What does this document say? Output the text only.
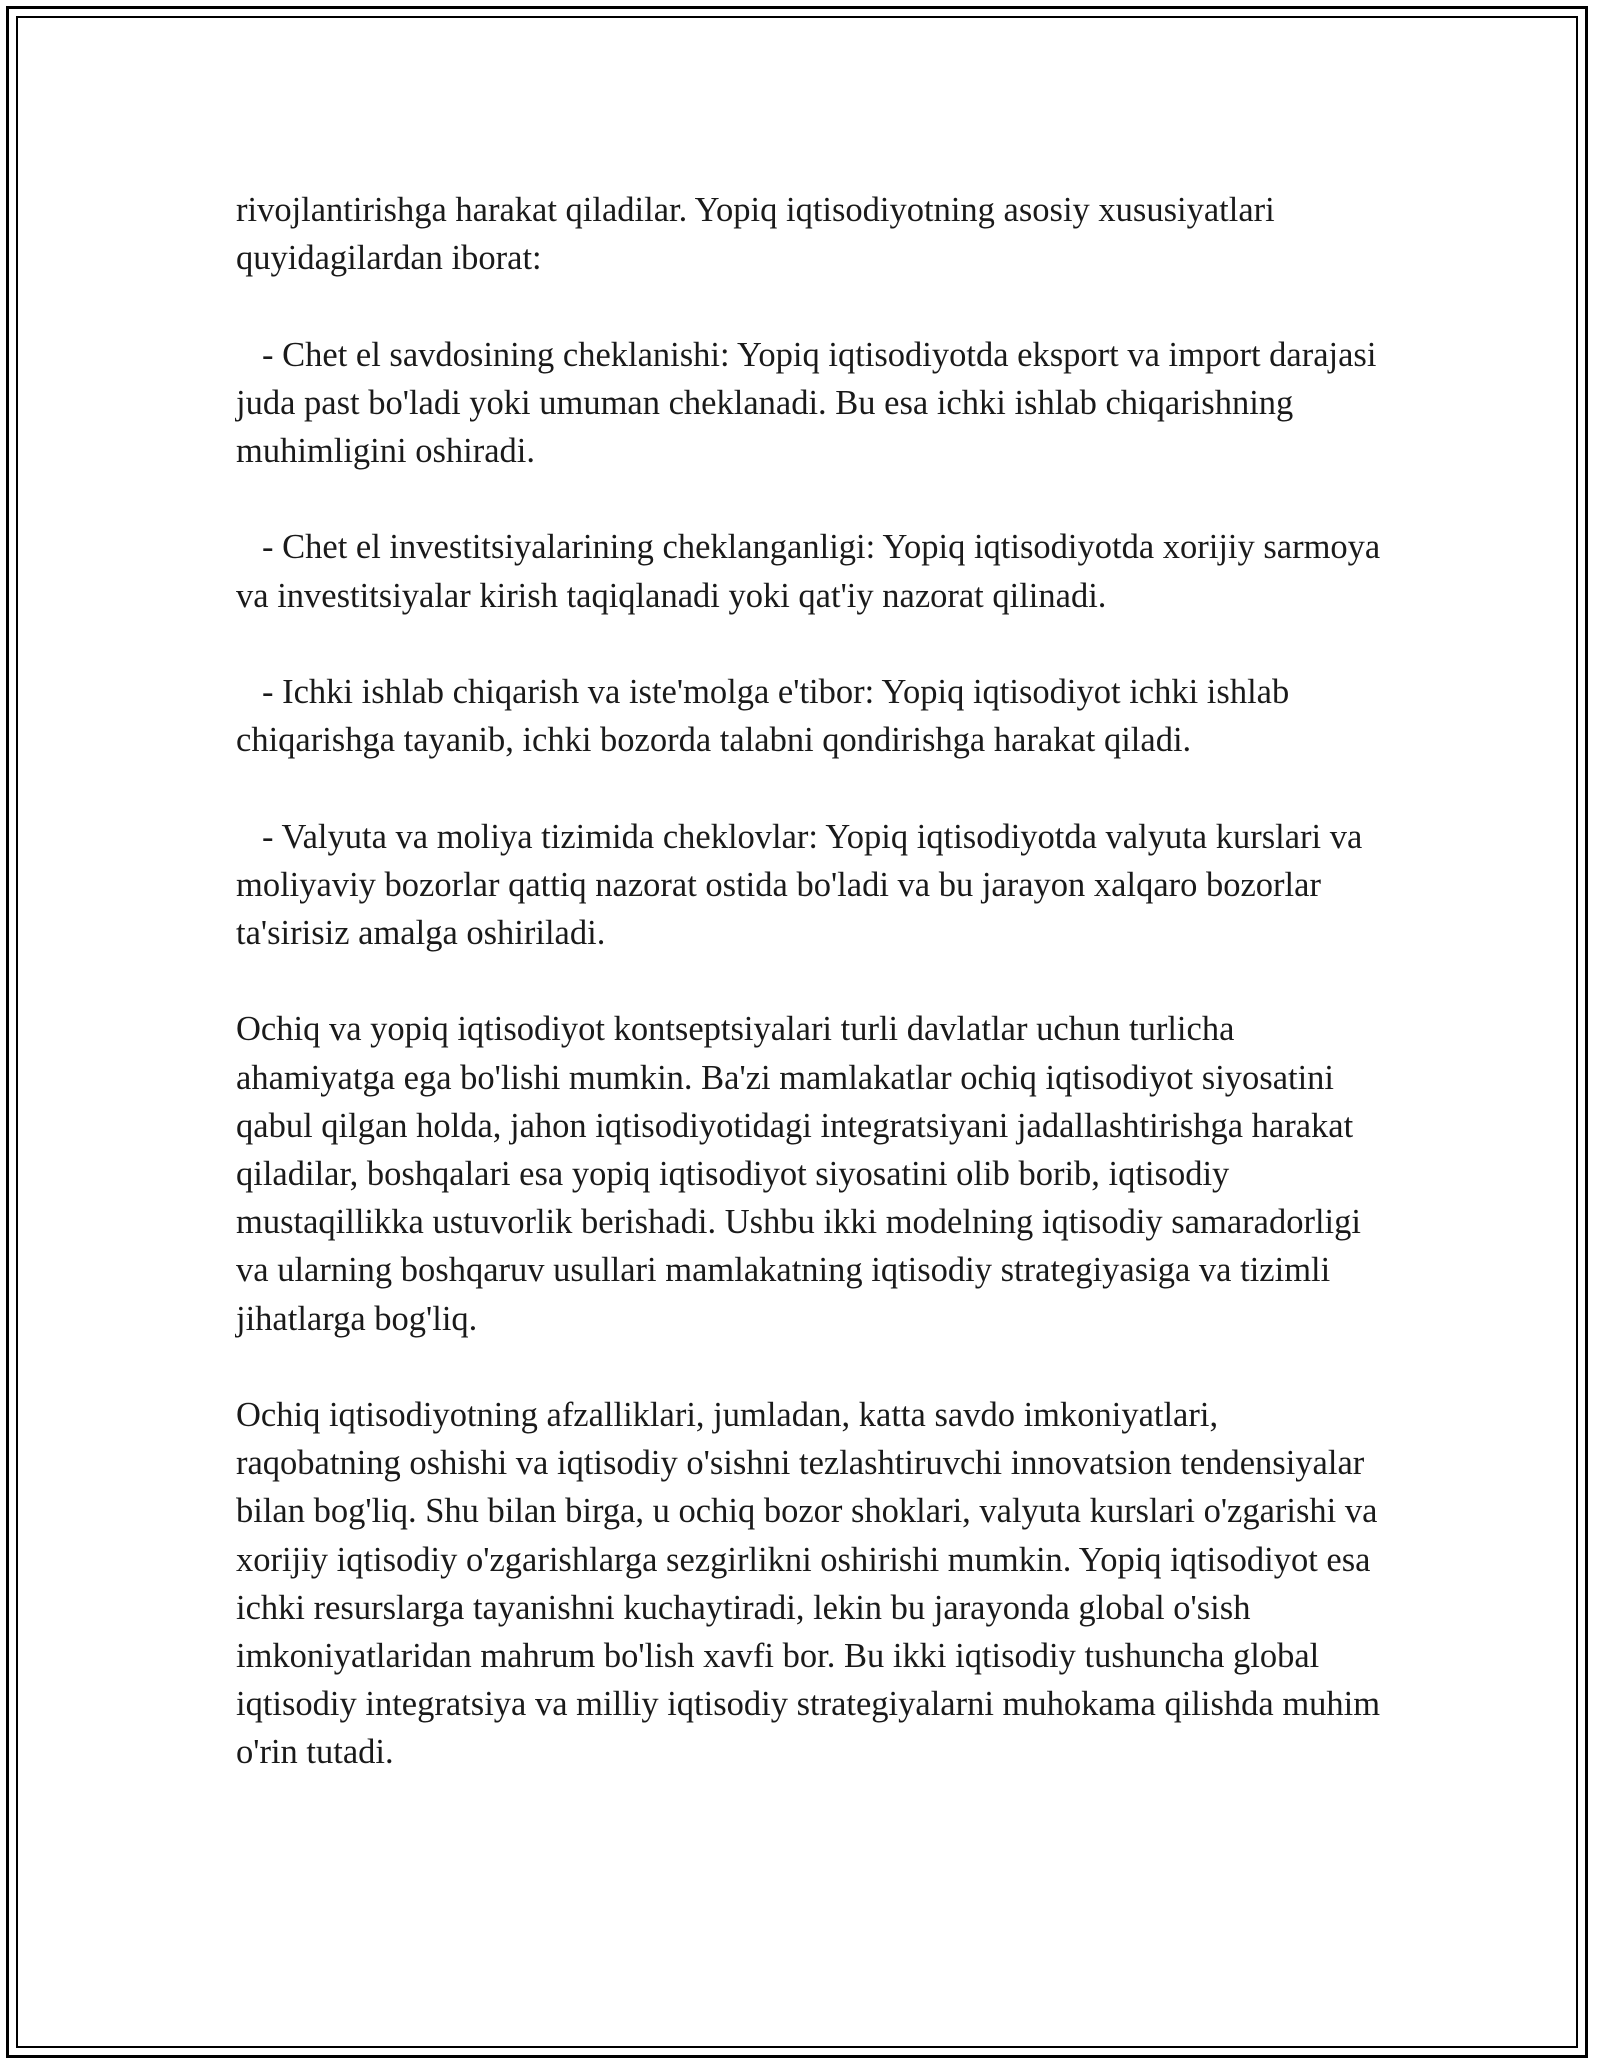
rivojlantirishga harakat qiladilar. Yopiq iqtisodiyotning asosiy xususiyatlari quyidagilardan iborat:

- Chet el savdosining cheklanishi: Yopiq iqtisodiyotda eksport va import darajasi juda past bo'ladi yoki umuman cheklanadi. Bu esa ichki ishlab chiqarishning muhimligini oshiradi.

- Chet el investitsiyalarining cheklanganligi: Yopiq iqtisodiyotda xorijiy sarmoya va investitsiyalar kirish taqiqlanadi yoki qat'iy nazorat qilinadi.

- Ichki ishlab chiqarish va iste'molga e'tibor: Yopiq iqtisodiyot ichki ishlab chiqarishga tayanib, ichki bozorda talabni qondirishga harakat qiladi.

- Valyuta va moliya tizimida cheklovlar: Yopiq iqtisodiyotda valyuta kurslari va moliyaviy bozorlar qattiq nazorat ostida bo'ladi va bu jarayon xalqaro bozorlar ta'sirisiz amalga oshiriladi.

Ochiq va yopiq iqtisodiyot kontseptsiyalari turli davlatlar uchun turlicha ahamiyatga ega bo'lishi mumkin. Ba'zi mamlakatlar ochiq iqtisodiyot siyosatini qabul qilgan holda, jahon iqtisodiyotidagi integratsiyani jadallashtirishga harakat qiladilar, boshqalari esa yopiq iqtisodiyot siyosatini olib borib, iqtisodiy mustaqillikka ustuvorlik berishadi. Ushbu ikki modelning iqtisodiy samaradorligi va ularning boshqaruv usullari mamlakatning iqtisodiy strategiyasiga va tizimli jihatlarga bog'liq.

Ochiq iqtisodiyotning afzalliklari, jumladan, katta savdo imkoniyatlari, raqobatning oshishi va iqtisodiy o'sishni tezlashtiruvchi innovatsion tendensiyalar bilan bog'liq. Shu bilan birga, u ochiq bozor shoklari, valyuta kurslari o'zgarishi va xorijiy iqtisodiy o'zgarishlarga sezgirlikni oshirishi mumkin. Yopiq iqtisodiyot esa ichki resurslarga tayanishni kuchaytiradi, lekin bu jarayonda global o'sish imkoniyatlaridan mahrum bo'lish xavfi bor. Bu ikki iqtisodiy tushuncha global iqtisodiy integratsiya va milliy iqtisodiy strategiyalarni muhokama qilishda muhim o'rin tutadi.
